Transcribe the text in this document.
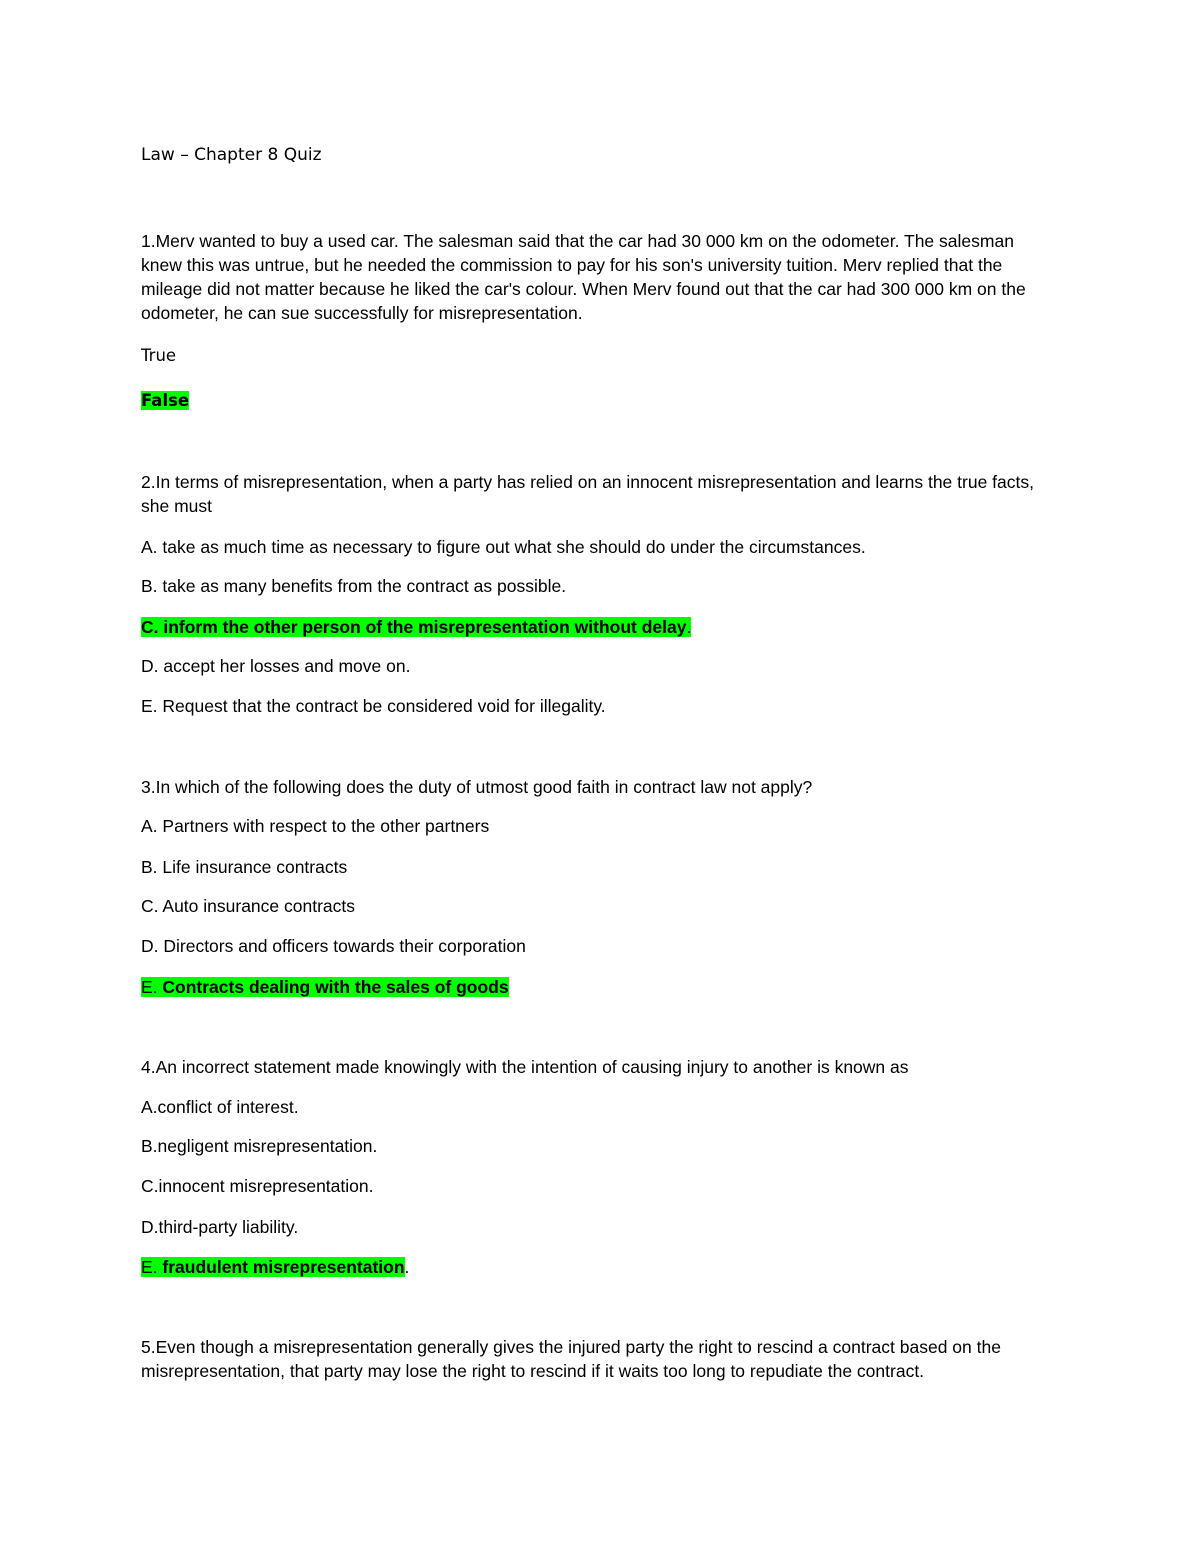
Law – Chapter 8 Quiz
1.Merv wanted to buy a used car. The salesman said that the car had 30 000 km on the odometer. The salesman knew this was untrue, but he needed the commission to pay for his son's university tuition. Merv replied that the mileage did not matter because he liked the car's colour. When Merv found out that the car had 300 000 km on the odometer, he can sue successfully for misrepresentation.
True
False
2.In terms of misrepresentation, when a party has relied on an innocent misrepresentation and learns the true facts, she must
A. take as much time as necessary to figure out what she should do under the circumstances.
B. take as many benefits from the contract as possible.
C. inform the other person of the misrepresentation without delay.
D. accept her losses and move on.
E. Request that the contract be considered void for illegality.
3.In which of the following does the duty of utmost good faith in contract law not apply?
A. Partners with respect to the other partners
B. Life insurance contracts
C. Auto insurance contracts
D. Directors and officers towards their corporation
E. Contracts dealing with the sales of goods
4.An incorrect statement made knowingly with the intention of causing injury to another is known as
A.conflict of interest.
B.negligent misrepresentation.
C.innocent misrepresentation.
D.third-party liability.
E. fraudulent misrepresentation.
5.Even though a misrepresentation generally gives the injured party the right to rescind a contract based on the misrepresentation, that party may lose the right to rescind if it waits too long to repudiate the contract.
